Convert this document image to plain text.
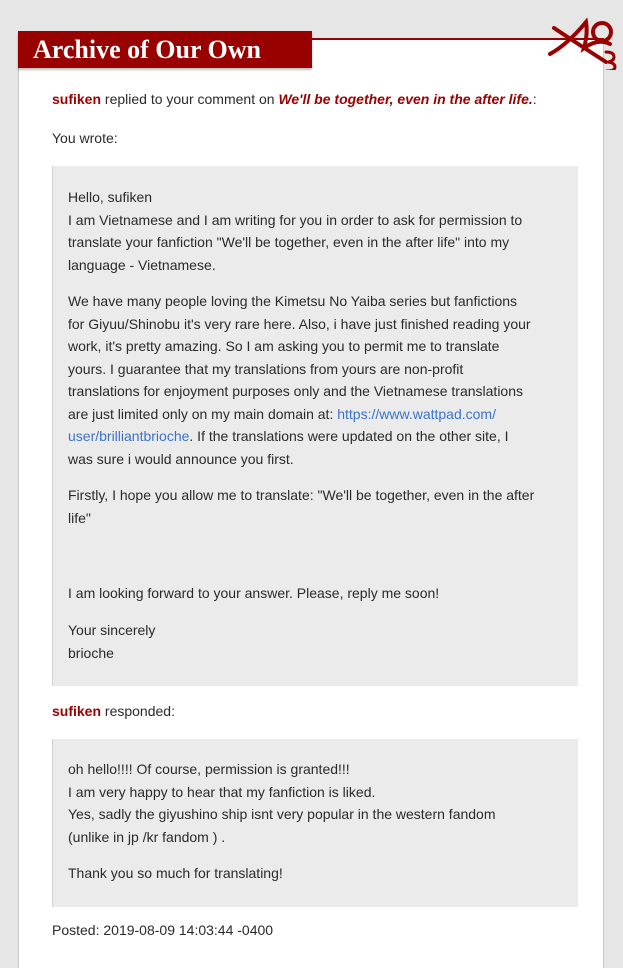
Archive of Our Own
sufiken replied to your comment on We'll be together, even in the after life.:
You wrote:
Hello, sufiken
I am Vietnamese and I am writing for you in order to ask for permission to
translate your fanfiction "We'll be together, even in the after life" into my
language - Vietnamese.
We have many people loving the Kimetsu No Yaiba series but fanfictions
for Giyuu/Shinobu it's very rare here. Also, i have just finished reading your
work, it's pretty amazing. So I am asking you to permit me to translate
yours. I guarantee that my translations from yours are non-profit
translations for enjoyment purposes only and the Vietnamese translations
are just limited only on my main domain at: https://www.wattpad.com/
user/brilliantbrioche. If the translations were updated on the other site, I
was sure i would announce you first.
Firstly, I hope you allow me to translate: "We'll be together, even in the after
life"
I am looking forward to your answer. Please, reply me soon!
Your sincerely
brioche
sufiken responded:
oh hello!!!! Of course, permission is granted!!!
I am very happy to hear that my fanfiction is liked.
Yes, sadly the giyushino ship isnt very popular in the western fandom
(unlike in jp /kr fandom ) .
Thank you so much for translating!
Posted: 2019-08-09 14:03:44 -0400
